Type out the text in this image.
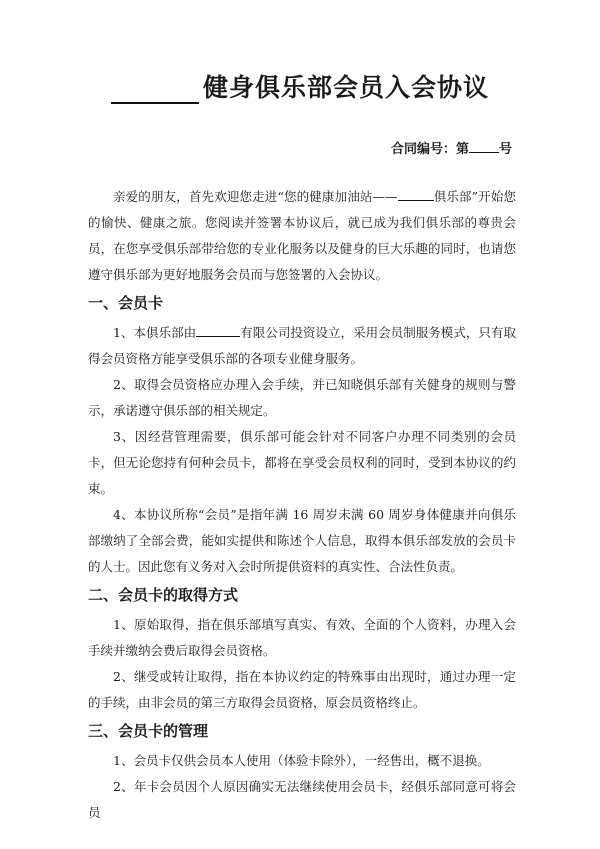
健身俱乐部会员入会协议
合同编号：第 号

亲爱的朋友，首先欢迎您走进“您的健康加油站——	俱乐部”开始您的愉快、健康之旅。您阅读并签署本协议后，就已成为我们俱乐部的尊贵会员，在您享受俱乐部带给您的专业化服务以及健身的巨大乐趣的同时，也请您遵守俱乐部为更好地服务会员而与您签署的入会协议。

一、会员卡

1、本俱乐部由	有限公司投资设立，采用会员制服务模式，只有取得会员资格方能享受俱乐部的各项专业健身服务。

2、取得会员资格应办理入会手续，并已知晓俱乐部有关健身的规则与警示，承诺遵守俱乐部的相关规定。

3、因经营管理需要，俱乐部可能会针对不同客户办理不同类别的会员卡，但无论您持有何种会员卡，都将在享受会员权利的同时，受到本协议的约束。

4、本协议所称“会员”是指年满 16 周岁未满 60 周岁身体健康并向俱乐部缴纳了全部会费，能如实提供和陈述个人信息，取得本俱乐部发放的会员卡的人士。因此您有义务对入会时所提供资料的真实性、合法性负责。

二、会员卡的取得方式

1、原始取得，指在俱乐部填写真实、有效、全面的个人资料，办理入会手续并缴纳会费后取得会员资格。

2、继受或转让取得，指在本协议约定的特殊事由出现时，通过办理一定的手续，由非会员的第三方取得会员资格，原会员资格终止。

三、会员卡的管理

1、会员卡仅供会员本人使用（体验卡除外），一经售出，概不退换。

2、年卡会员因个人原因确实无法继续使用会员卡，经俱乐部同意可将会员
